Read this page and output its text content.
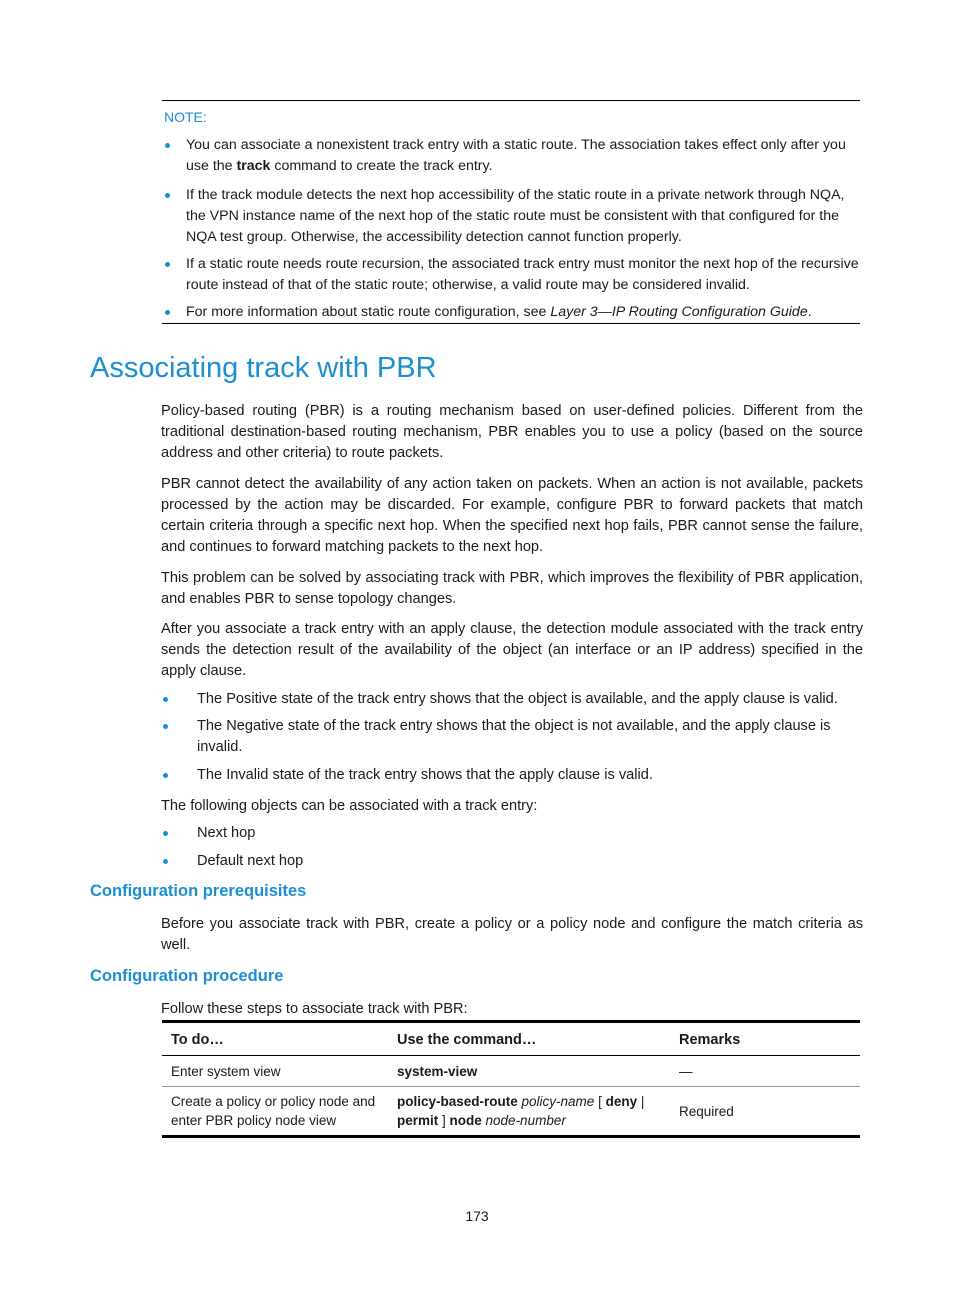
NOTE:
You can associate a nonexistent track entry with a static route. The association takes effect only after you use the track command to create the track entry.
If the track module detects the next hop accessibility of the static route in a private network through NQA, the VPN instance name of the next hop of the static route must be consistent with that configured for the NQA test group. Otherwise, the accessibility detection cannot function properly.
If a static route needs route recursion, the associated track entry must monitor the next hop of the recursive route instead of that of the static route; otherwise, a valid route may be considered invalid.
For more information about static route configuration, see Layer 3—IP Routing Configuration Guide.
Associating track with PBR

Policy-based routing (PBR) is a routing mechanism based on user-defined policies. Different from the traditional destination-based routing mechanism, PBR enables you to use a policy (based on the source address and other criteria) to route packets.

PBR cannot detect the availability of any action taken on packets. When an action is not available, packets processed by the action may be discarded. For example, configure PBR to forward packets that match certain criteria through a specific next hop. When the specified next hop fails, PBR cannot sense the failure, and continues to forward matching packets to the next hop.

This problem can be solved by associating track with PBR, which improves the flexibility of PBR application, and enables PBR to sense topology changes.

After you associate a track entry with an apply clause, the detection module associated with the track entry sends the detection result of the availability of the object (an interface or an IP address) specified in the apply clause.

The Positive state of the track entry shows that the object is available, and the apply clause is valid.
The Negative state of the track entry shows that the object is not available, and the apply clause is invalid.
The Invalid state of the track entry shows that the apply clause is valid.

The following objects can be associated with a track entry:

Next hop
Default next hop
Configuration prerequisites

Before you associate track with PBR, create a policy or a policy node and configure the match criteria as well.

Configuration procedure

Follow these steps to associate track with PBR:

To do…	Use the command…	Remarks
Enter system view	system-view	—
Create a policy or policy node and enter PBR policy node view	policy-based-route policy-name [ deny | permit ] node node-number	Required
173
